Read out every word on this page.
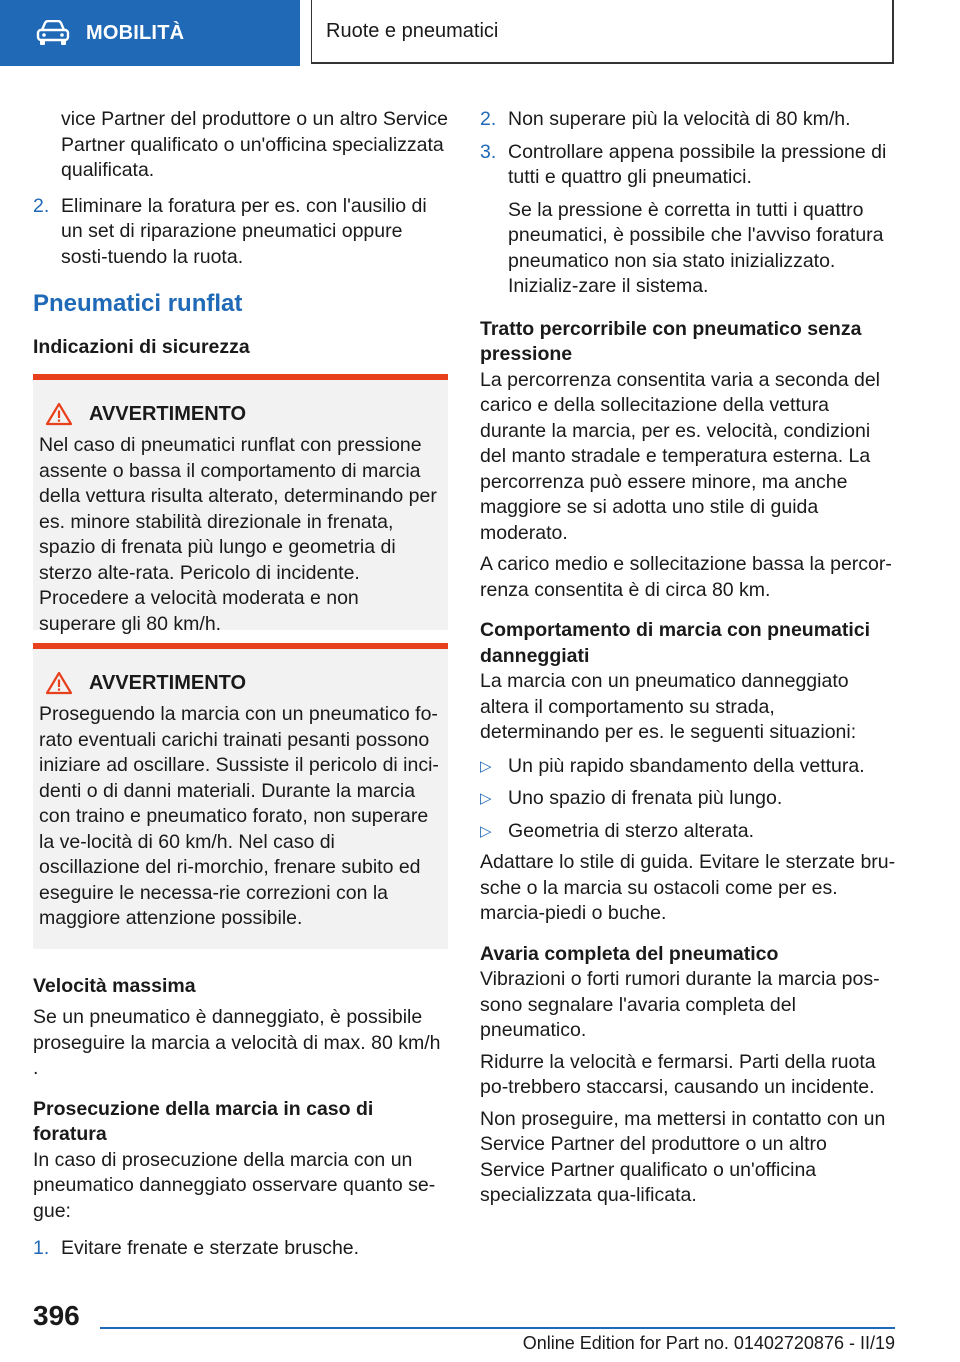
MOBILITÀ	Ruote e pneumatici

vice Partner del produttore o un altro Service Partner qualificato o un'officina specializzata qualificata.

2. Eliminare la foratura per es. con l'ausilio di un set di riparazione pneumatici oppure sosti-tuendo la ruota.

Pneumatici runflat

Indicazioni di sicurezza

AVVERTIMENTO

Nel caso di pneumatici runflat con pressione assente o bassa il comportamento di marcia della vettura risulta alterato, determinando per es. minore stabilità direzionale in frenata, spazio di frenata più lungo e geometria di sterzo alte-rata. Pericolo di incidente. Procedere a velocità moderata e non superare gli 80 km/h.

AVVERTIMENTO

Proseguendo la marcia con un pneumatico fo-rato eventuali carichi trainati pesanti possono iniziare ad oscillare. Sussiste il pericolo di inci-denti o di danni materiali. Durante la marcia con traino e pneumatico forato, non superare la ve-locità di 60 km/h. Nel caso di oscillazione del ri-morchio, frenare subito ed eseguire le necessa-rie correzioni con la maggiore attenzione possibile.

Velocità massima

Se un pneumatico è danneggiato, è possibile proseguire la marcia a velocità di max. 80 km/h .

Prosecuzione della marcia in caso di foratura

In caso di prosecuzione della marcia con un pneumatico danneggiato osservare quanto se-gue:

1. Evitare frenate e sterzate brusche.
2. Non superare più la velocità di 80 km/h.
3. Controllare appena possibile la pressione di tutti e quattro gli pneumatici.

Se la pressione è corretta in tutti i quattro pneumatici, è possibile che l'avviso foratura pneumatico non sia stato inizializzato. Inizializ-zare il sistema.

Tratto percorribile con pneumatico senza pressione

La percorrenza consentita varia a seconda del carico e della sollecitazione della vettura durante la marcia, per es. velocità, condizioni del manto stradale e temperatura esterna. La percorrenza può essere minore, ma anche maggiore se si adotta uno stile di guida moderato.

A carico medio e sollecitazione bassa la percor-renza consentita è di circa 80 km.

Comportamento di marcia con pneumatici danneggiati

La marcia con un pneumatico danneggiato altera il comportamento su strada, determinando per es. le seguenti situazioni:

▷ Un più rapido sbandamento della vettura.
▷ Uno spazio di frenata più lungo.
▷ Geometria di sterzo alterata.

Adattare lo stile di guida. Evitare le sterzate bru-sche o la marcia su ostacoli come per es. marcia-piedi o buche.

Avaria completa del pneumatico

Vibrazioni o forti rumori durante la marcia pos-sono segnalare l'avaria completa del pneumatico.

Ridurre la velocità e fermarsi. Parti della ruota po-trebbero staccarsi, causando un incidente.

Non proseguire, ma mettersi in contatto con un Service Partner del produttore o un altro Service Partner qualificato o un'officina specializzata qua-lificata.

396
Online Edition for Part no. 01402720876 - II/19
